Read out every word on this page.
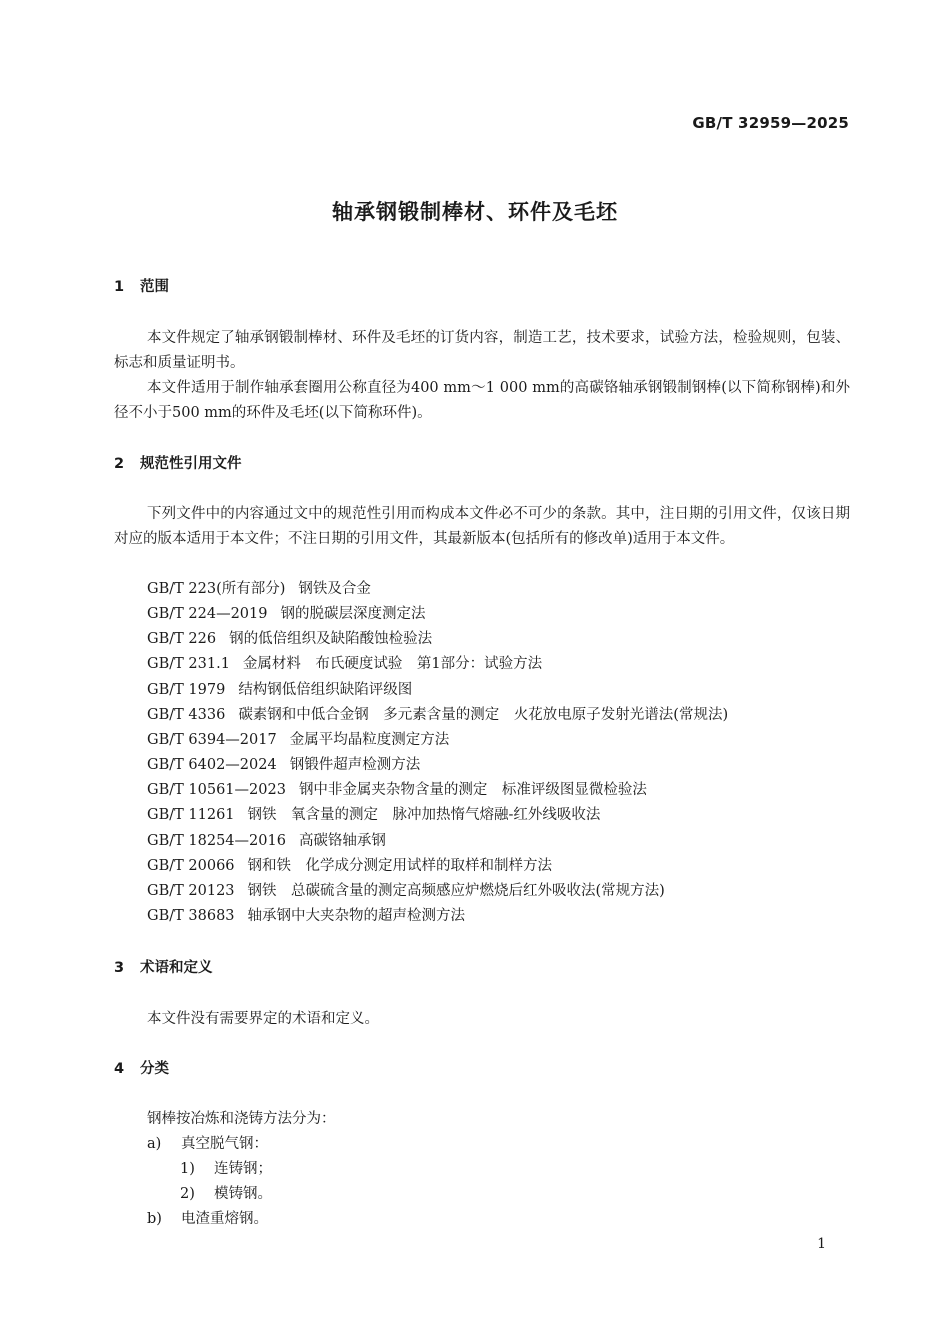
GB/T 32959—2025
轴承钢锻制棒材、环件及毛坯
1 范围

本文件规定了轴承钢锻制棒材、环件及毛坯的订货内容，制造工艺，技术要求，试验方法，检验规则，包装、标志和质量证明书。

本文件适用于制作轴承套圈用公称直径为400 mm～1 000 mm的高碳铬轴承钢锻制钢棒(以下简称钢棒)和外径不小于500 mm的环件及毛坯(以下简称环件)。

2 规范性引用文件

下列文件中的内容通过文中的规范性引用而构成本文件必不可少的条款。其中，注日期的引用文件，仅该日期对应的版本适用于本文件；不注日期的引用文件，其最新版本(包括所有的修改单)适用于本文件。

GB/T 223(所有部分) 钢铁及合金
GB/T 224—2019 钢的脱碳层深度测定法
GB/T 226 钢的低倍组织及缺陷酸蚀检验法
GB/T 231.1 金属材料　布氏硬度试验　第1部分：试验方法
GB/T 1979 结构钢低倍组织缺陷评级图
GB/T 4336 碳素钢和中低合金钢　多元素含量的测定　火花放电原子发射光谱法(常规法)
GB/T 6394—2017 金属平均晶粒度测定方法
GB/T 6402—2024 钢锻件超声检测方法
GB/T 10561—2023 钢中非金属夹杂物含量的测定　标准评级图显微检验法
GB/T 11261 钢铁　氧含量的测定　脉冲加热惰气熔融-红外线吸收法
GB/T 18254—2016 高碳铬轴承钢
GB/T 20066 钢和铁　化学成分测定用试样的取样和制样方法
GB/T 20123 钢铁　总碳硫含量的测定高频感应炉燃烧后红外吸收法(常规方法)
GB/T 38683 轴承钢中大夹杂物的超声检测方法
3 术语和定义

本文件没有需要界定的术语和定义。

4 分类
钢棒按冶炼和浇铸方法分为：
a) 真空脱气钢：
1) 连铸钢；
2) 模铸钢。
b) 电渣重熔钢。
1
